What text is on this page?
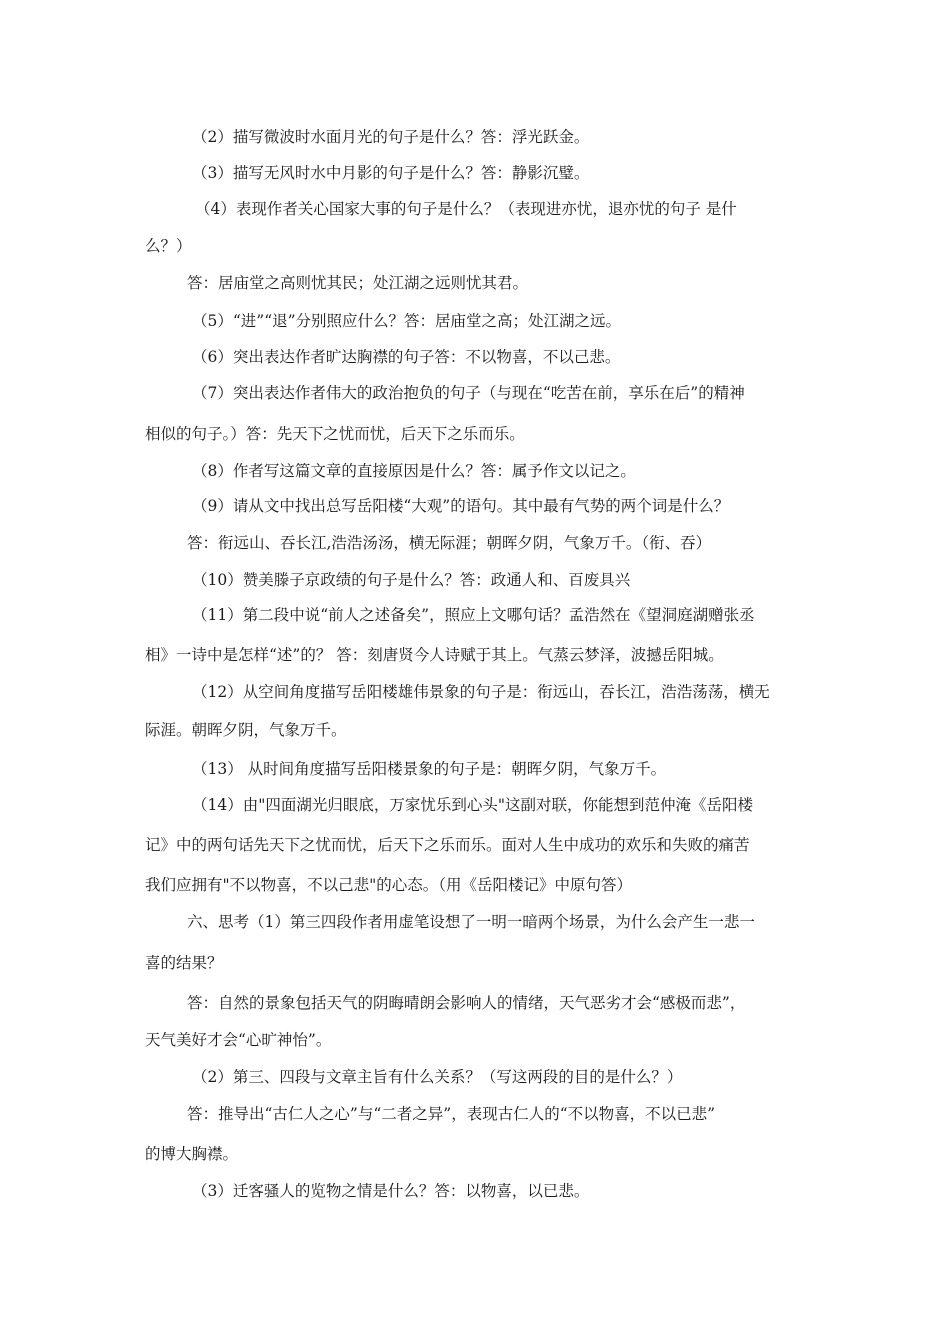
（2）描写微波时水面月光的句子是什么？答：浮光跃金。

（3）描写无风时水中月影的句子是什么？答：静影沉璧。

（4）表现作者关心国家大事的句子是什么？（表现进亦忧，退亦忧的句子 是什

么？）

答：居庙堂之高则忧其民；处江湖之远则忧其君。

（5）“进”“退”分别照应什么？答：居庙堂之高；处江湖之远。

（6）突出表达作者旷达胸襟的句子答：不以物喜，不以己悲。

（7）突出表达作者伟大的政治抱负的句子（与现在“吃苦在前，享乐在后”的精神

相似的句子。）答：先天下之忧而忧，后天下之乐而乐。

（8）作者写这篇文章的直接原因是什么？答：属予作文以记之。

（9）请从文中找出总写岳阳楼“大观”的语句。其中最有气势的两个词是什么？

答：衔远山、吞长江,浩浩汤汤，横无际涯；朝晖夕阴，气象万千。（衔、吞）

（10）赞美滕子京政绩的句子是什么？答：政通人和、百废具兴

（11）第二段中说“前人之述备矣”，照应上文哪句话？孟浩然在《望洞庭湖赠张丞

相》一诗中是怎样“述”的？ 答：刻唐贤今人诗赋于其上。气蒸云梦泽，波撼岳阳城。

（12）从空间角度描写岳阳楼雄伟景象的句子是：衔远山，吞长江，浩浩荡荡，横无

际涯。朝晖夕阴，气象万千。

（13） 从时间角度描写岳阳楼景象的句子是：朝晖夕阴，气象万千。

（14）由"四面湖光归眼底，万家忧乐到心头"这副对联，你能想到范仲淹《岳阳楼

记》中的两句话先天下之忧而忧，后天下之乐而乐。面对人生中成功的欢乐和失败的痛苦

我们应拥有"不以物喜，不以己悲"的心态。（用《岳阳楼记》中原句答）

六、思考（1）第三四段作者用虚笔设想了一明一暗两个场景，为什么会产生一悲一

喜的结果？

答：自然的景象包括天气的阴晦晴朗会影响人的情绪，天气恶劣才会“感极而悲”，

天气美好才会“心旷神怡”。

（2）第三、四段与文章主旨有什么关系？（写这两段的目的是什么？）

答：推导出“古仁人之心”与“二者之异”，表现古仁人的“不以物喜，不以已悲”

的博大胸襟。

（3）迁客骚人的览物之情是什么？答：以物喜，以已悲。
